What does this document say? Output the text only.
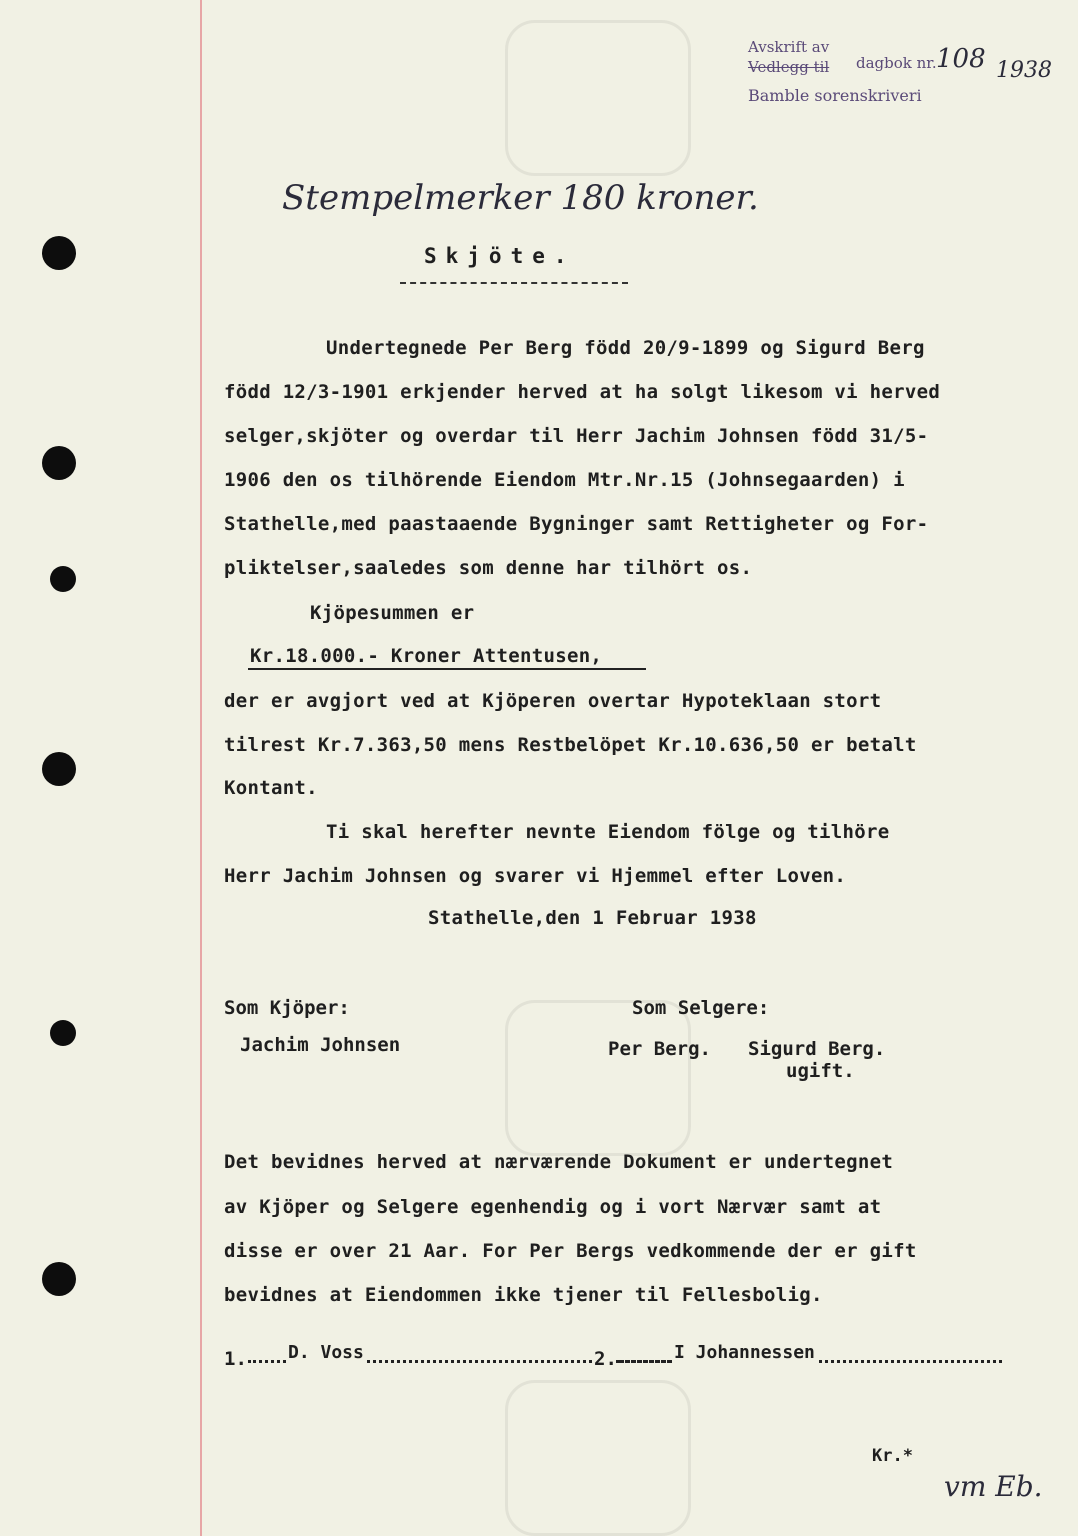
Avskrift av
Vedlegg til dagbok nr. 108 1938
Bamble sorenskriveri
Stempelmerker 180 kroner.
Skjöte.
Undertegnede Per Berg född 20/9-1899 og Sigurd Berg
född 12/3-1901 erkjender herved at ha solgt likesom vi herved
selger,skjöter og overdar til Herr Jachim Johnsen född 31/5-
1906 den os tilhörende Eiendom Mtr.Nr.15 (Johnsegaarden) i
Stathelle,med paastaaende Bygninger samt Rettigheter og For-
pliktelser,saaledes som denne har tilhört os.
Kjöpesummen er
Kr.18.000.- Kroner Attentusen,
der er avgjort ved at Kjöperen overtar Hypoteklaan stort
tilrest Kr.7.363,50 mens Restbelöpet Kr.10.636,50 er betalt
Kontant.
Ti skal herefter nevnte Eiendom fölge og tilhöre
Herr Jachim Johnsen og svarer vi Hjemmel efter Loven.
Stathelle,den 1 Februar 1938
Som Kjöper:
Jachim Johnsen
Som Selgere:
Per Berg. Sigurd Berg.
ugift.
Det bevidnes herved at nærværende Dokument er undertegnet
av Kjöper og Selgere egenhendig og i vort Nærvær samt at
disse er over 21 Aar. For Per Bergs vedkommende der er gift
bevidnes at Eiendommen ikke tjener til Fellesbolig.
1. D. Voss	2.	I Johannessen
Kr.*
vm Eb.
